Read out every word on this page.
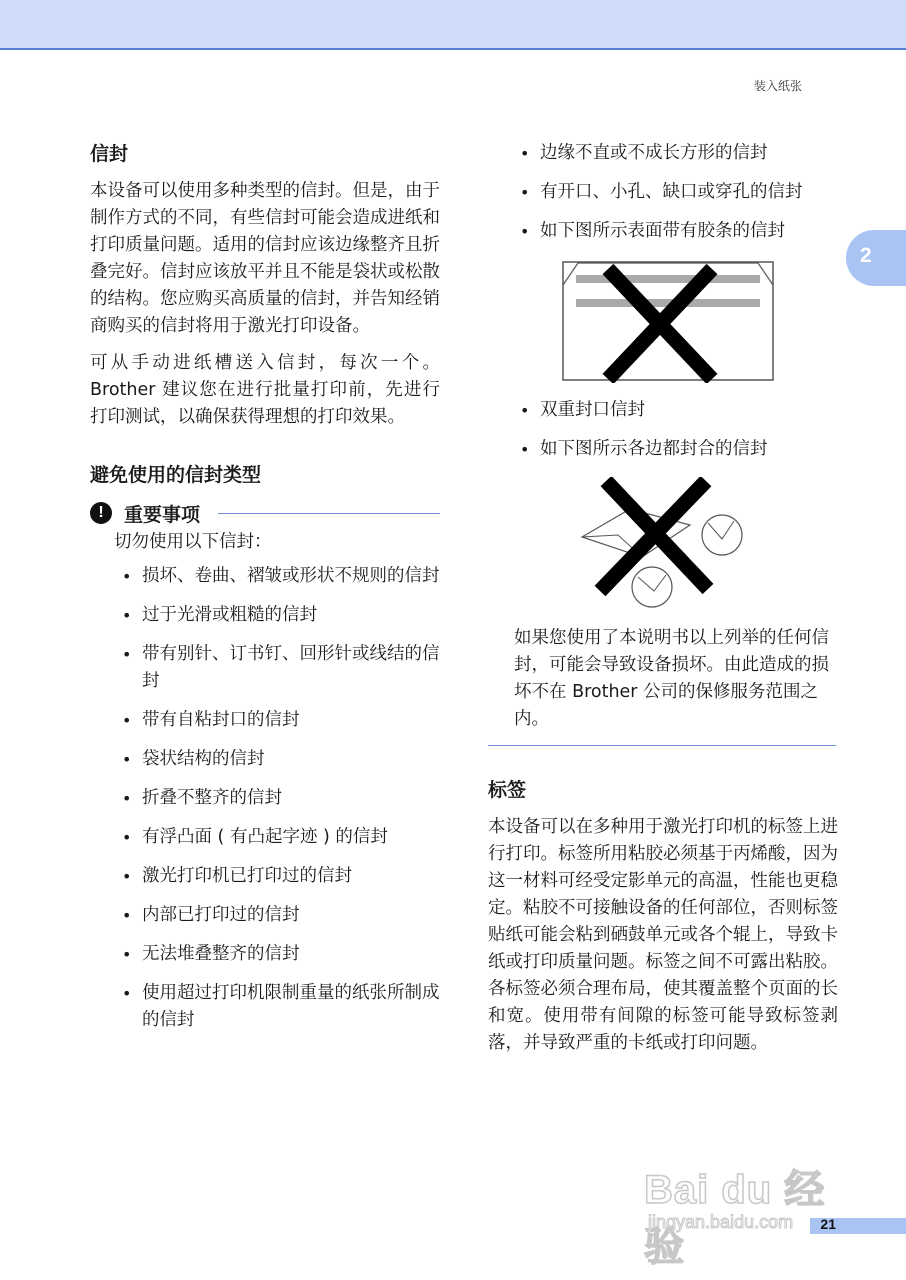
装入纸张
2
信封

本设备可以使用多种类型的信封。但是，由于制作方式的不同，有些信封可能会造成进纸和打印质量问题。适用的信封应该边缘整齐且折叠完好。信封应该放平并且不能是袋状或松散的结构。您应购买高质量的信封，并告知经销商购买的信封将用于激光打印设备。

可从手动进纸槽送入信封，每次一个。 Brother 建议您在进行批量打印前，先进行打印测试，以确保获得理想的打印效果。

避免使用的信封类型
!	重要事项
切勿使用以下信封：
• 损坏、卷曲、褶皱或形状不规则的信封
• 过于光滑或粗糙的信封
• 带有别针、订书钉、回形针或线结的信封
• 带有自粘封口的信封
• 袋状结构的信封
• 折叠不整齐的信封
• 有浮凸面 ( 有凸起字迹 ) 的信封
• 激光打印机已打印过的信封
• 内部已打印过的信封
• 无法堆叠整齐的信封
• 使用超过打印机限制重量的纸张所制成的信封
• 边缘不直或不成长方形的信封
• 有开口、小孔、缺口或穿孔的信封
• 如下图所示表面带有胶条的信封
• 双重封口信封
• 如下图所示各边都封合的信封

如果您使用了本说明书以上列举的任何信封，可能会导致设备损坏。由此造成的损坏不在 Brother 公司的保修服务范围之内。

标签

本设备可以在多种用于激光打印机的标签上进行打印。标签所用粘胶必须基于丙烯酸，因为这一材料可经受定影单元的高温，性能也更稳定。粘胶不可接触设备的任何部位，否则标签贴纸可能会粘到硒鼓单元或各个辊上，导致卡纸或打印质量问题。标签之间不可露出粘胶。各标签必须合理布局，使其覆盖整个页面的长和宽。使用带有间隙的标签可能导致标签剥落，并导致严重的卡纸或打印问题。

21
Bai du 经验
jingyan.baidu.com
